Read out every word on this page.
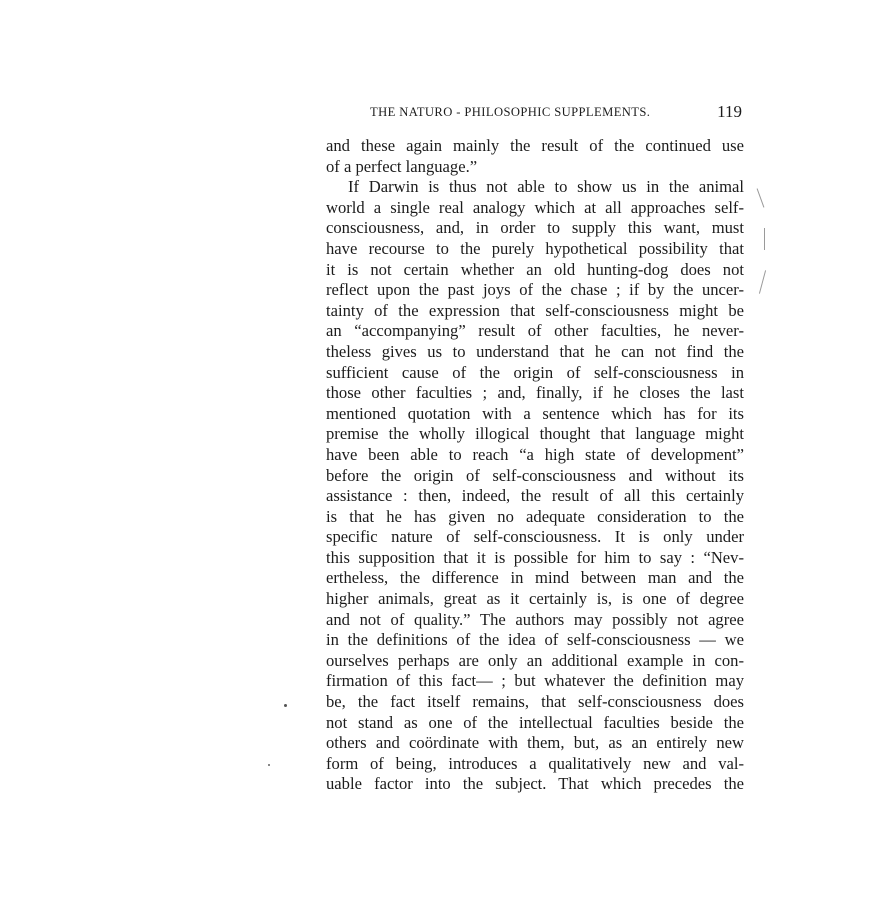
THE NATURO - PHILOSOPHIC SUPPLEMENTS.	119
and these again mainly the result of the continued use
of a perfect language.”
If Darwin is thus not able to show us in the animal
world a single real analogy which at all approaches self-
consciousness, and, in order to supply this want, must
have recourse to the purely hypothetical possibility that
it is not certain whether an old hunting-dog does not
reflect upon the past joys of the chase ; if by the uncer-
tainty of the expression that self-consciousness might be
an “accompanying” result of other faculties, he never-
theless gives us to understand that he can not find the
sufficient cause of the origin of self-consciousness in
those other faculties ; and, finally, if he closes the last
mentioned quotation with a sentence which has for its
premise the wholly illogical thought that language might
have been able to reach “a high state of development”
before the origin of self-consciousness and without its
assistance : then, indeed, the result of all this certainly
is that he has given no adequate consideration to the
specific nature of self-consciousness. It is only under
this supposition that it is possible for him to say : “Nev-
ertheless, the difference in mind between man and the
higher animals, great as it certainly is, is one of degree
and not of quality.” The authors may possibly not agree
in the definitions of the idea of self-consciousness — we
ourselves perhaps are only an additional example in con-
firmation of this fact— ; but whatever the definition may
be, the fact itself remains, that self-consciousness does
not stand as one of the intellectual faculties beside the
others and coördinate with them, but, as an entirely new
form of being, introduces a qualitatively new and val-
uable factor into the subject. That which precedes the
